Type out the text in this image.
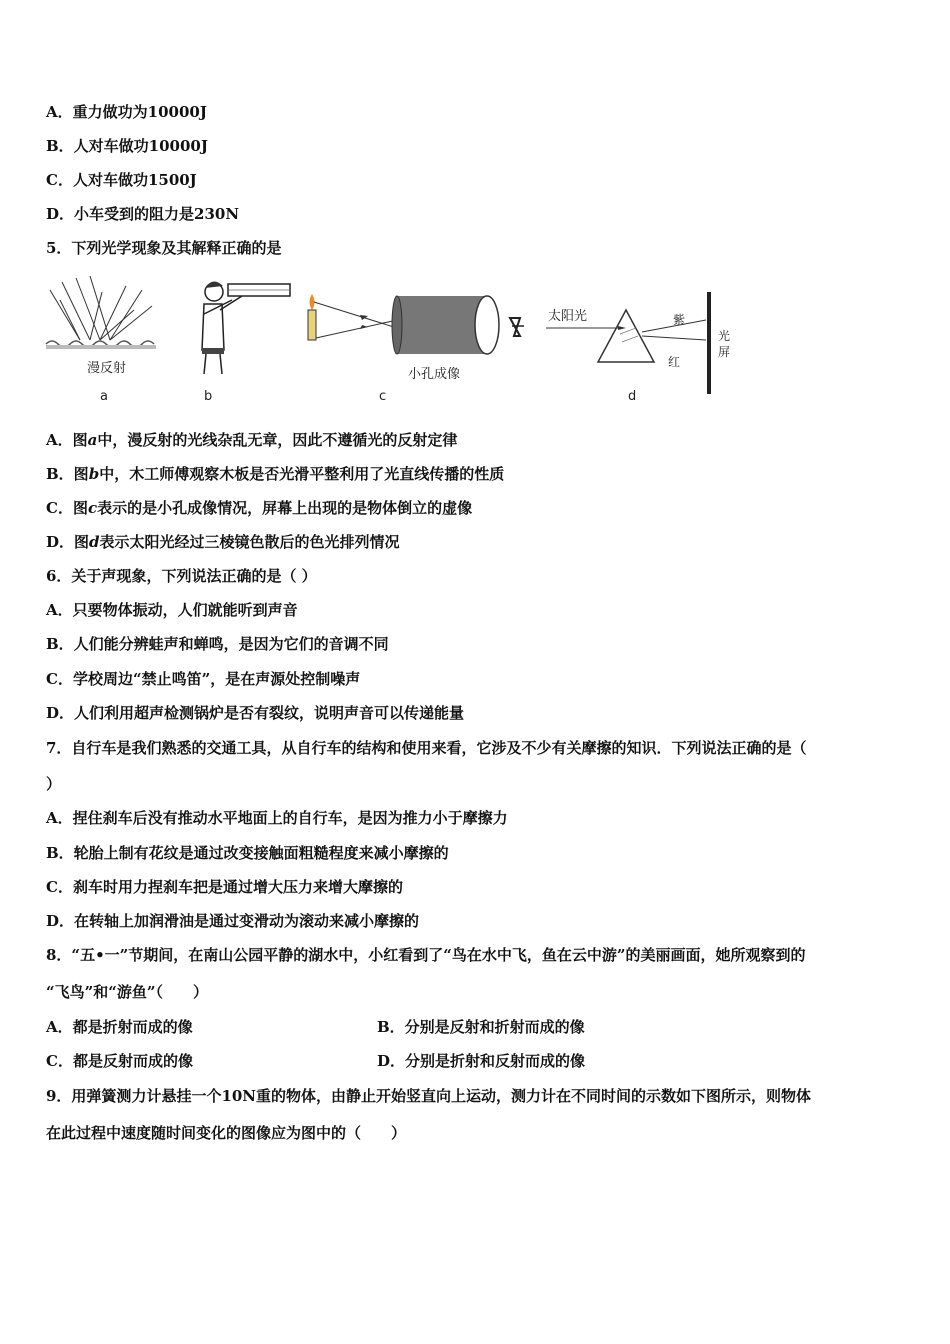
A．重力做功为10000J
B．人对车做功10000J
C．人对车做功1500J
D．小车受到的阻力是230N
5．下列光学现象及其解释正确的是
漫反射
a	b
小孔成像
c
太阳光	紫
红
光
屏
d
A．图a中，漫反射的光线杂乱无章，因此不遵循光的反射定律
B．图b中，木工师傅观察木板是否光滑平整利用了光直线传播的性质
C．图c表示的是小孔成像情况，屏幕上出现的是物体倒立的虚像
D．图d表示太阳光经过三棱镜色散后的色光排列情况
6．关于声现象，下列说法正确的是（ ）
A．只要物体振动，人们就能听到声音
B．人们能分辨蛙声和蝉鸣，是因为它们的音调不同
C．学校周边“禁止鸣笛”，是在声源处控制噪声
D．人们利用超声检测锅炉是否有裂纹，说明声音可以传递能量
7．自行车是我们熟悉的交通工具，从自行车的结构和使用来看，它涉及不少有关摩擦的知识．下列说法正确的是（
）
A．捏住刹车后没有推动水平地面上的自行车，是因为推力小于摩擦力
B．轮胎上制有花纹是通过改变接触面粗糙程度来减小摩擦的
C．刹车时用力捏刹车把是通过增大压力来增大摩擦的
D．在转轴上加润滑油是通过变滑动为滚动来减小摩擦的
8．“五•一”节期间，在南山公园平静的湖水中，小红看到了“鸟在水中飞，鱼在云中游”的美丽画面，她所观察到的
“飞鸟”和“游鱼”（　　）
A．都是折射而成的像	B．分别是反射和折射而成的像
C．都是反射而成的像	D．分别是折射和反射而成的像
9．用弹簧测力计悬挂一个10N重的物体，由静止开始竖直向上运动，测力计在不同时间的示数如下图所示，则物体
在此过程中速度随时间变化的图像应为图中的（　　）
